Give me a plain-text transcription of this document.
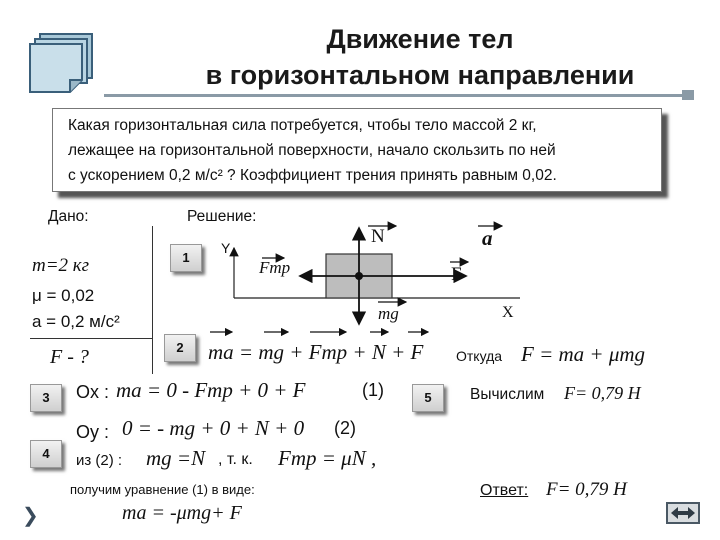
Движение тел
в горизонтальном направлении
Какая горизонтальная сила потребуется, чтобы тело массой 2 кг,
лежащее на горизонтальной поверхности, начало скользить по ней
с ускорением 0,2 м/с² ? Коэффициент трения принять равным 0,02.
Дано:
m=2 кг
μ = 0,02
a = 0,2 м/с²
F - ?
Решение:
1
2
3
4
5
Y
X
Fтр
N
F
mg
a
ma = mg + Fтр + N + F Откуда F = ma + μmg
Ox : ma = 0 - Fтр + 0 + F	(1)	Вычислим F= 0,79 Н
Oy : 0 = - mg + 0 + N + 0 (2)
из (2) : mg =N , т. к. Fтр = μN ,
получим уравнение (1) в виде:
ma = -μmg+ F
Ответ: F= 0,79 Н
❯
